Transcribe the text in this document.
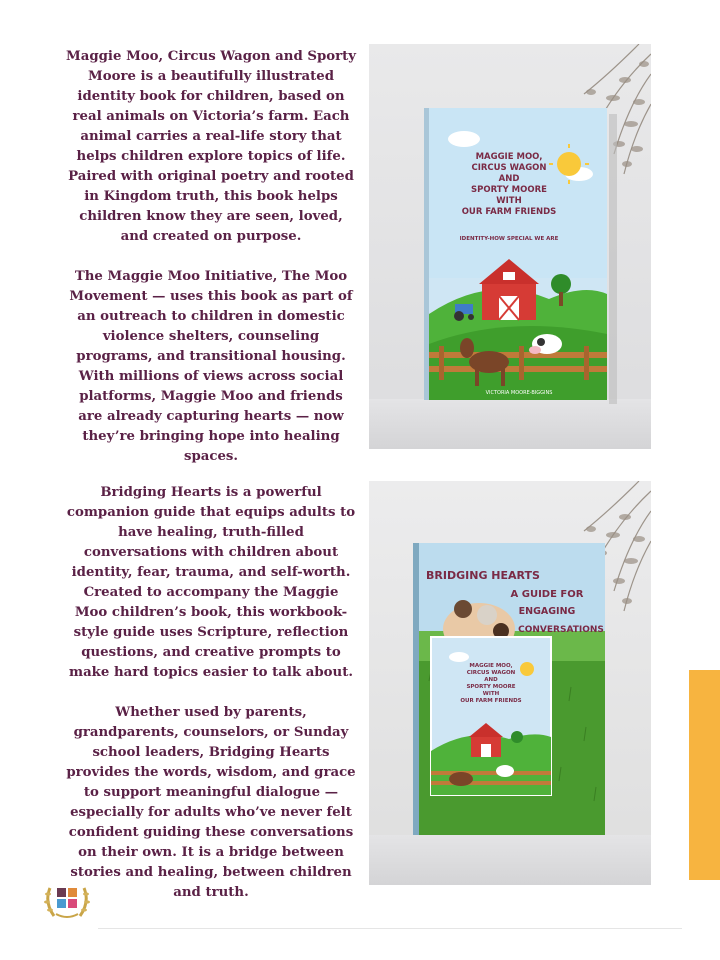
Maggie Moo, Circus Wagon and Sporty Moore is a beautifully illustrated identity book for children, based on real animals on Victoria’s farm. Each animal carries a real-life story that helps children explore topics of life. Paired with original poetry and rooted in Kingdom truth, this book helps children know they are seen, loved, and created on purpose.

The Maggie Moo Initiative, The Moo Movement — uses this book as part of an outreach to children in domestic violence shelters, counseling programs, and transitional housing. With millions of views across social platforms, Maggie Moo and friends are already capturing hearts — now they’re bringing hope into healing spaces.

Bridging Hearts is a powerful companion guide that equips adults to have healing, truth-filled conversations with children about identity, fear, trauma, and self-worth. Created to accompany the Maggie Moo children’s book, this workbook-style guide uses Scripture, reflection questions, and creative prompts to make hard topics easier to talk about.

Whether used by parents, grandparents, counselors, or Sunday school leaders, Bridging Hearts provides the words, wisdom, and grace to support meaningful dialogue — especially for adults who’ve never felt confident guiding these conversations on their own. It is a bridge between stories and healing, between children and truth.

MAGGIE MOO,
CIRCUS WAGON
AND
SPORTY MOORE
WITH
OUR FARM FRIENDS
IDENTITY-HOW SPECIAL WE ARE
VICTORIA MOORE-BIGGINS
BRIDGING HEARTS
A GUIDE FOR
ENGAGING
CONVERSATIONS
MAGGIE MOO,
CIRCUS WAGON
AND
SPORTY MOORE
WITH
OUR FARM FRIENDS
